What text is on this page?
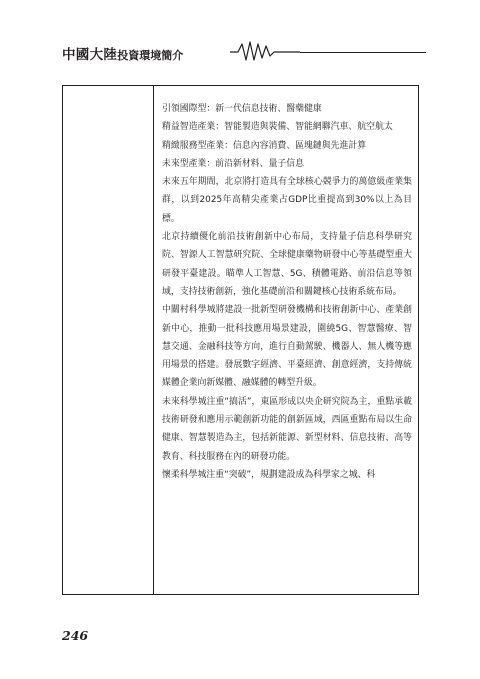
中國大陸投資環境簡介

引領國際型：新一代信息技術、醫藥健康

精益智造產業：智能製造與裝備、智能網聯汽車、航空航太

精緻服務型產業：信息內容消費、區塊鏈與先進計算

未來型產業：前沿新材料、量子信息

未來五年期間，北京將打造具有全球核心競爭力的萬億級產業集群，以到2025年高精尖產業占GDP比重提高到30%以上為目標。

北京持續優化前沿技術創新中心布局，支持量子信息科學研究院、智源人工智慧研究院、全球健康藥物研發中心等基礎型重大研發平臺建設。瞄準人工智慧、5G、積體電路、前沿信息等領域，支持技術創新，強化基礎前沿和關鍵核心技術系統布局。

中關村科學城將建設一批新型研發機構和技術創新中心、產業創新中心，推動一批科技應用場景建設，圍繞5G、智慧醫療、智慧交通、金融科技等方向，進行自動駕駛、機器人、無人機等應用場景的搭建。發展數字經濟、平臺經濟、創意經濟，支持傳統媒體企業向新媒體、融媒體的轉型升級。

未來科學城注重“搞活”，東區形成以央企研究院為主，重點承載技術研發和應用示範創新功能的創新區域，西區重點布局以生命健康、智慧製造為主，包括新能源、新型材料、信息技術、高等教育、科技服務在內的研發功能。

懷柔科學城注重“突破”，規劃建設成為科學家之城、科

246
